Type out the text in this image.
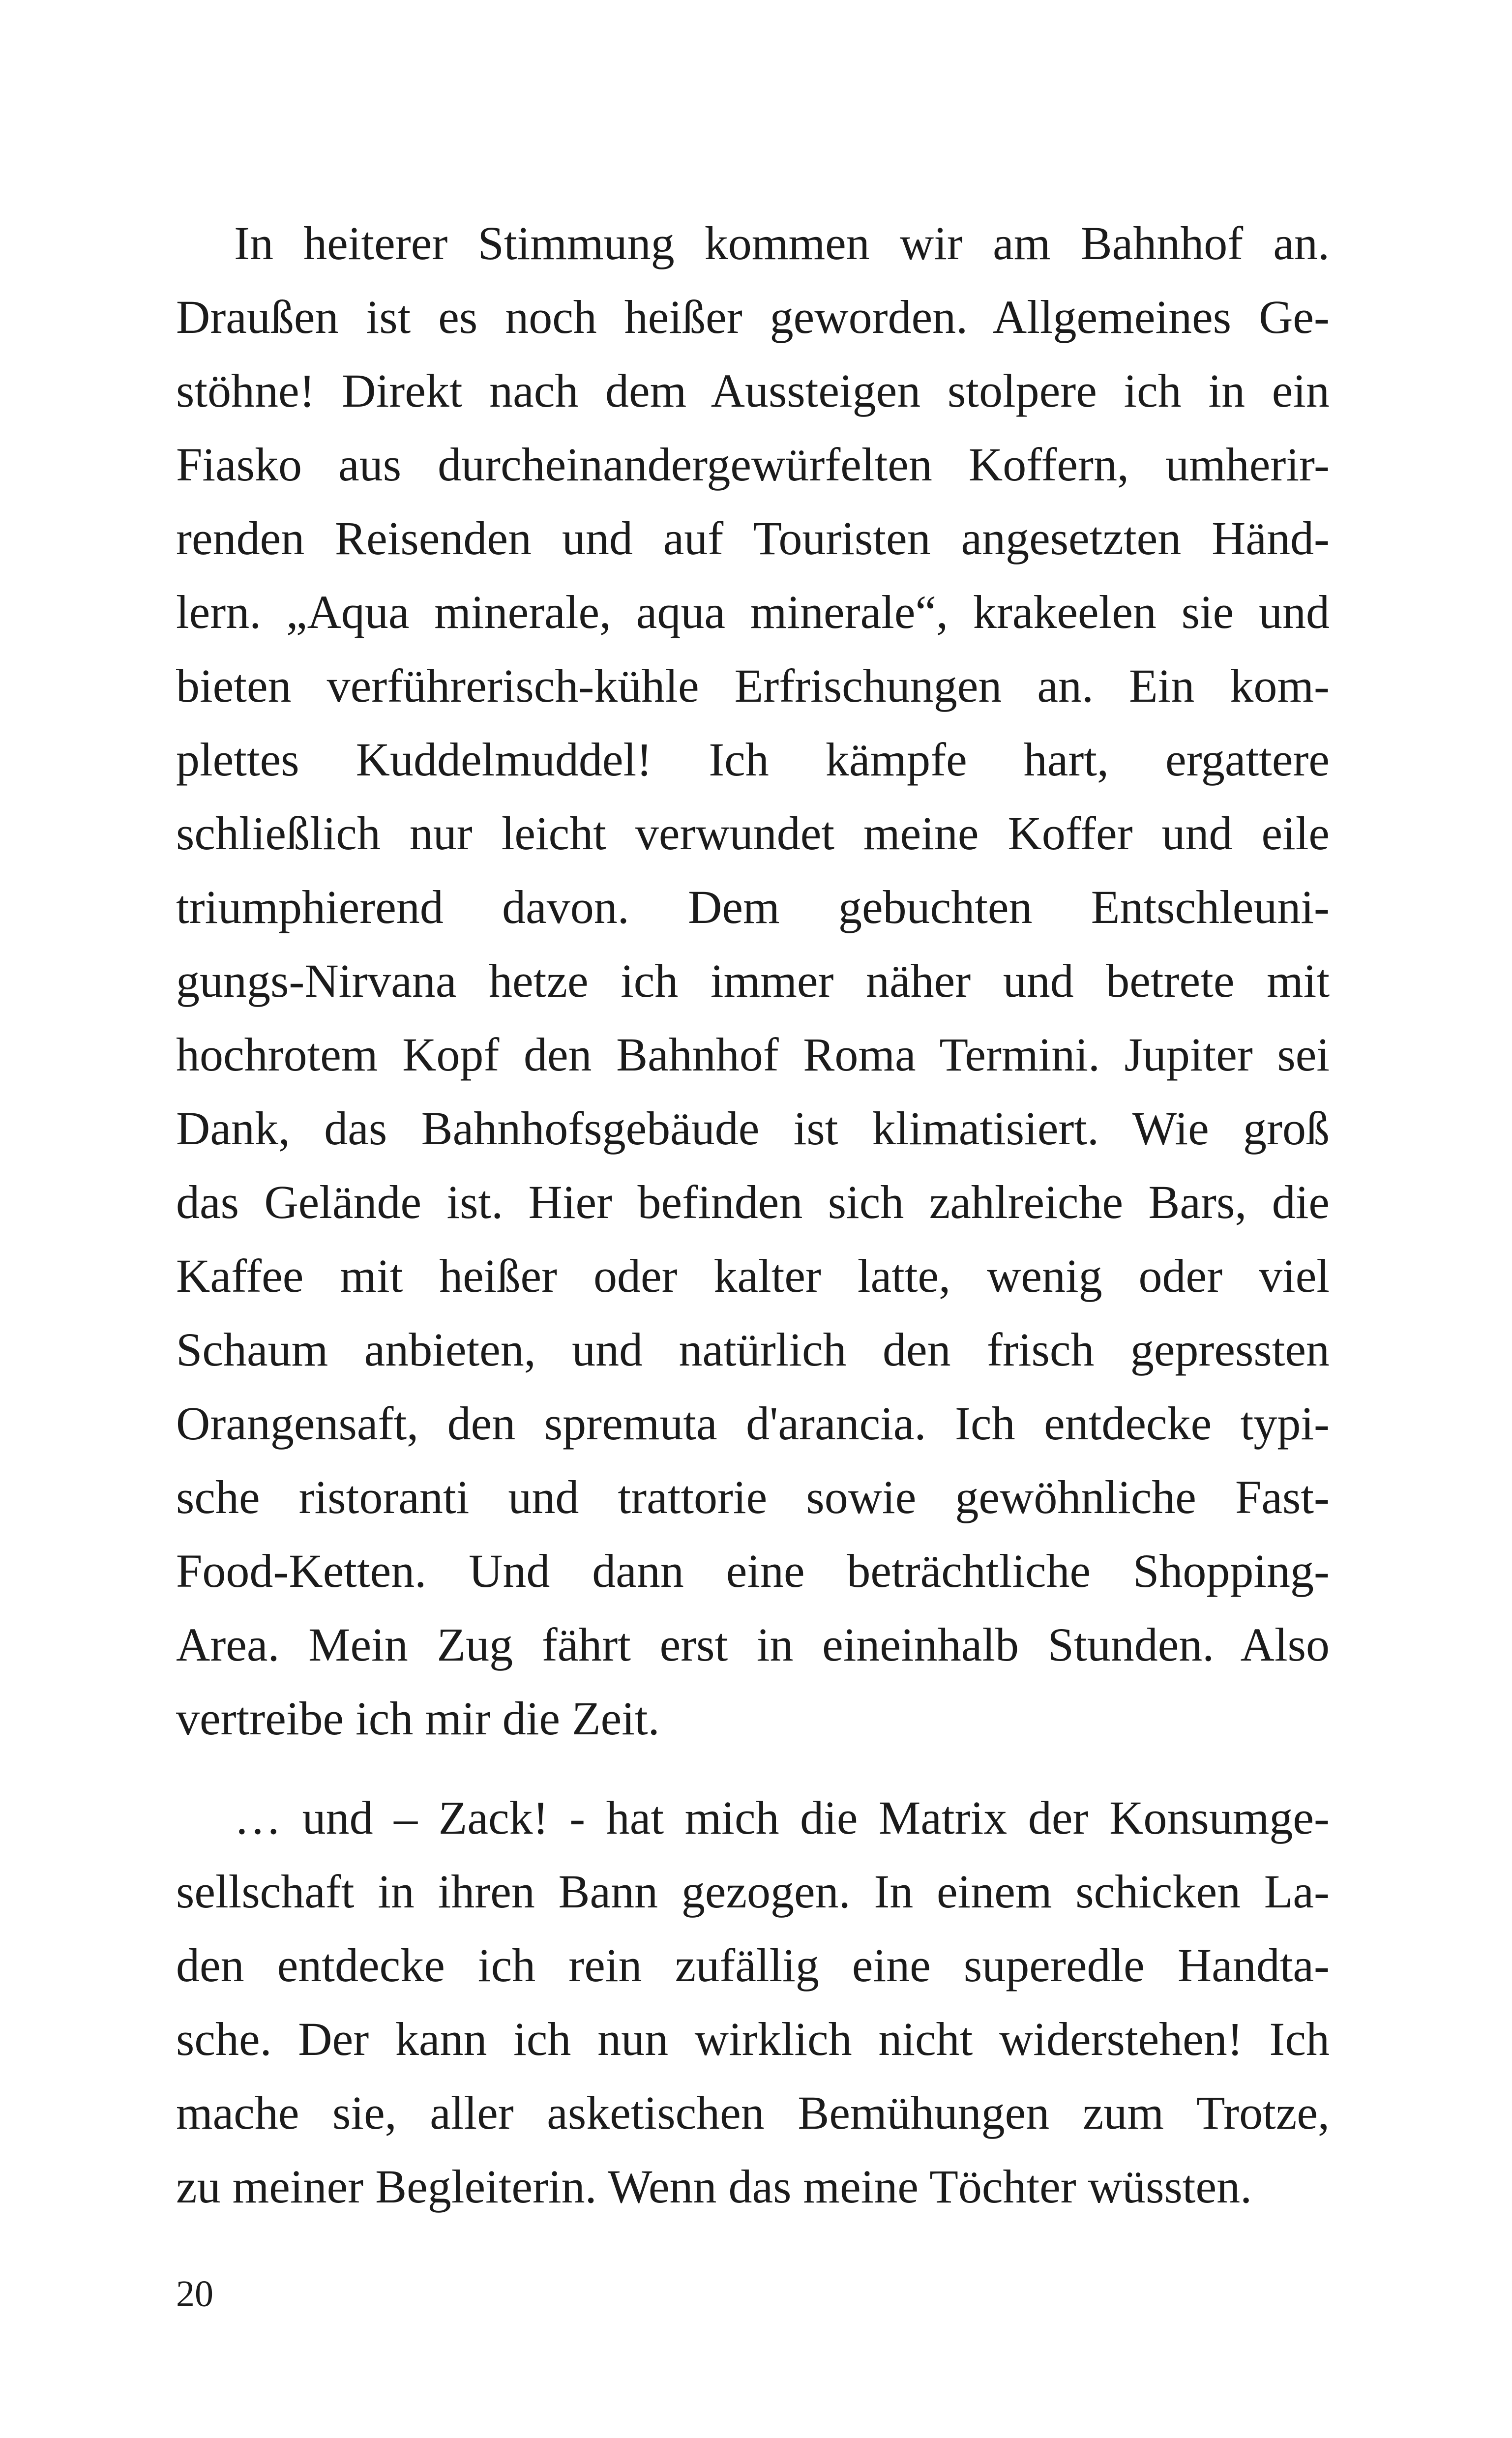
In heiterer Stimmung kommen wir am Bahnhof an.
Draußen ist es noch heißer geworden. Allgemeines Ge-
stöhne! Direkt nach dem Aussteigen stolpere ich in ein
Fiasko aus durcheinandergewürfelten Koffern, umherir-
renden Reisenden und auf Touristen angesetzten Händ-
lern. „Aqua minerale, aqua minerale“, krakeelen sie und
bieten verführerisch-kühle Erfrischungen an. Ein kom-
plettes Kuddelmuddel! Ich kämpfe hart, ergattere
schließlich nur leicht verwundet meine Koffer und eile
triumphierend davon. Dem gebuchten Entschleuni-
gungs-Nirvana hetze ich immer näher und betrete mit
hochrotem Kopf den Bahnhof Roma Termini. Jupiter sei
Dank, das Bahnhofsgebäude ist klimatisiert. Wie groß
das Gelände ist. Hier befinden sich zahlreiche Bars, die
Kaffee mit heißer oder kalter latte, wenig oder viel
Schaum anbieten, und natürlich den frisch gepressten
Orangensaft, den spremuta d'arancia. Ich entdecke typi-
sche ristoranti und trattorie sowie gewöhnliche Fast-
Food-Ketten. Und dann eine beträchtliche Shopping-
Area. Mein Zug fährt erst in eineinhalb Stunden. Also
vertreibe ich mir die Zeit.
… und – Zack! - hat mich die Matrix der Konsumge-
sellschaft in ihren Bann gezogen. In einem schicken La-
den entdecke ich rein zufällig eine superedle Handta-
sche. Der kann ich nun wirklich nicht widerstehen! Ich
mache sie, aller asketischen Bemühungen zum Trotze,
zu meiner Begleiterin. Wenn das meine Töchter wüssten.
20
